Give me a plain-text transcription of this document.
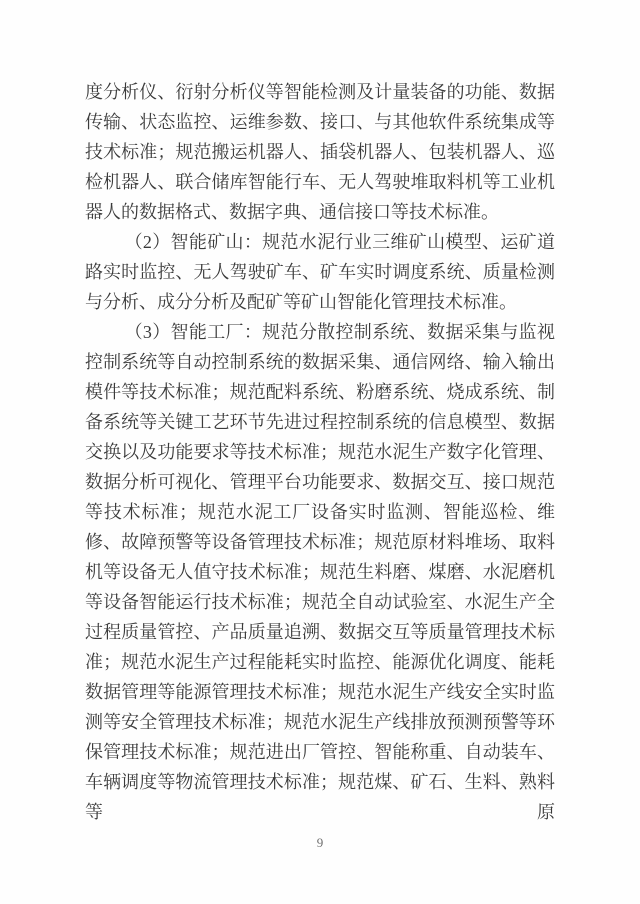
度分析仪、衍射分析仪等智能检测及计量装备的功能、数据传输、状态监控、运维参数、接口、与其他软件系统集成等技术标准；规范搬运机器人、插袋机器人、包装机器人、巡检机器人、联合储库智能行车、无人驾驶堆取料机等工业机器人的数据格式、数据字典、通信接口等技术标准。

（2）智能矿山：规范水泥行业三维矿山模型、运矿道路实时监控、无人驾驶矿车、矿车实时调度系统、质量检测与分析、成分分析及配矿等矿山智能化管理技术标准。

（3）智能工厂：规范分散控制系统、数据采集与监视控制系统等自动控制系统的数据采集、通信网络、输入输出模件等技术标准；规范配料系统、粉磨系统、烧成系统、制备系统等关键工艺环节先进过程控制系统的信息模型、数据交换以及功能要求等技术标准；规范水泥生产数字化管理、数据分析可视化、管理平台功能要求、数据交互、接口规范等技术标准；规范水泥工厂设备实时监测、智能巡检、维修、故障预警等设备管理技术标准；规范原材料堆场、取料机等设备无人值守技术标准；规范生料磨、煤磨、水泥磨机等设备智能运行技术标准；规范全自动试验室、水泥生产全过程质量管控、产品质量追溯、数据交互等质量管理技术标准；规范水泥生产过程能耗实时监控、能源优化调度、能耗数据管理等能源管理技术标准；规范水泥生产线安全实时监测等安全管理技术标准；规范水泥生产线排放预测预警等环保管理技术标准；规范进出厂管控、智能称重、自动装车、车辆调度等物流管理技术标准；规范煤、矿石、生料、熟料等原

9
